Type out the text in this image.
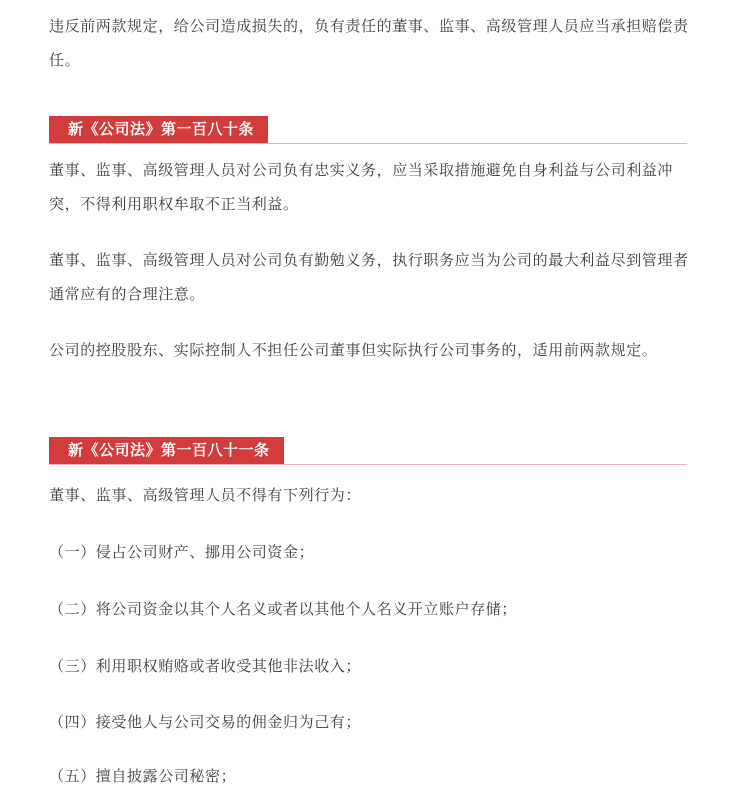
违反前两款规定，给公司造成损失的，负有责任的董事、监事、高级管理人员应当承担赔偿责任。

新《公司法》第一百八十条

董事、监事、高级管理人员对公司负有忠实义务，应当采取措施避免自身利益与公司利益冲突，不得利用职权牟取不正当利益。

董事、监事、高级管理人员对公司负有勤勉义务，执行职务应当为公司的最大利益尽到管理者通常应有的合理注意。

公司的控股股东、实际控制人不担任公司董事但实际执行公司事务的，适用前两款规定。

新《公司法》第一百八十一条
董事、监事、高级管理人员不得有下列行为：
（一）侵占公司财产、挪用公司资金；
（二）将公司资金以其个人名义或者以其他个人名义开立账户存储；
（三）利用职权贿赂或者收受其他非法收入；
（四）接受他人与公司交易的佣金归为己有；
（五）擅自披露公司秘密；
